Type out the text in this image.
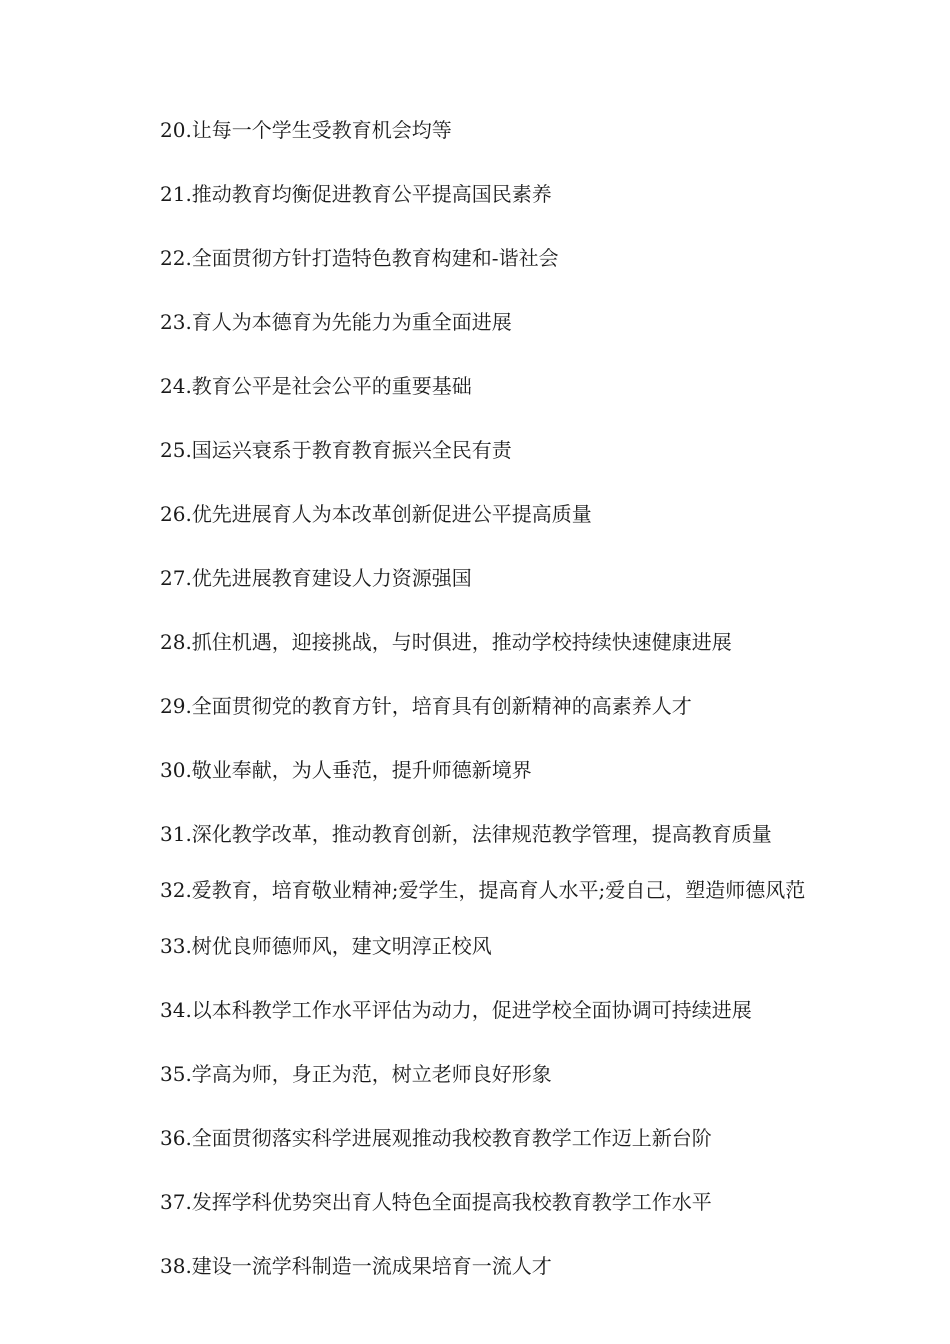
20.让每一个学生受教育机会均等

21.推动教育均衡促进教育公平提高国民素养

22.全面贯彻方针打造特色教育构建和-谐社会

23.育人为本德育为先能力为重全面进展

24.教育公平是社会公平的重要基础

25.国运兴衰系于教育教育振兴全民有责

26.优先进展育人为本改革创新促进公平提高质量

27.优先进展教育建设人力资源强国

28.抓住机遇，迎接挑战，与时俱进，推动学校持续快速健康进展

29.全面贯彻党的教育方针，培育具有创新精神的高素养人才

30.敬业奉献，为人垂范，提升师德新境界

31.深化教学改革，推动教育创新，法律规范教学管理，提高教育质量

32.爱教育，培育敬业精神;爱学生，提高育人水平;爱自己，塑造师德风范

33.树优良师德师风，建文明淳正校风

34.以本科教学工作水平评估为动力，促进学校全面协调可持续进展

35.学高为师，身正为范，树立老师良好形象

36.全面贯彻落实科学进展观推动我校教育教学工作迈上新台阶

37.发挥学科优势突出育人特色全面提高我校教育教学工作水平

38.建设一流学科制造一流成果培育一流人才
